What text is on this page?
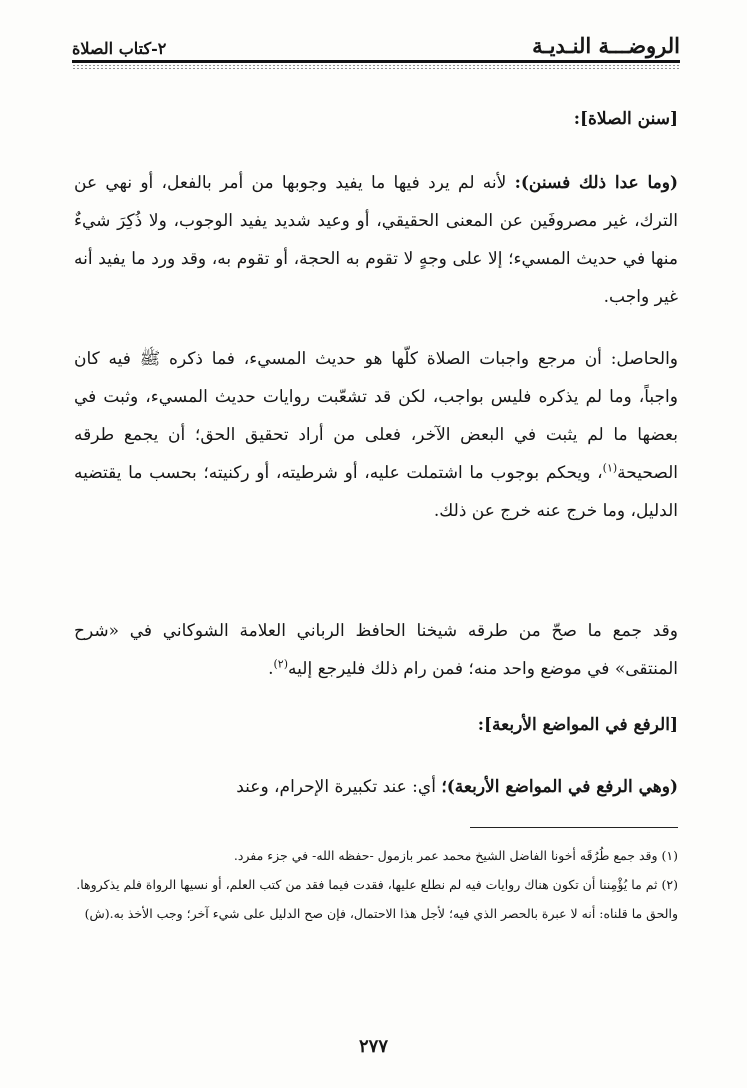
الروضـــة النـديـة
٢-كتاب الصلاة
[سنن الصلاة]:
(وما عدا ذلك فسنن): لأنه لم يرد فيها ما يفيد وجوبها من أمر بالفعل، أو نهي عن الترك، غير مصروفَين عن المعنى الحقيقي، أو وعيد شديد يفيد الوجوب، ولا ذُكِرَ شيءٌ منها في حديث المسيء؛ إلا على وجهٍ لا تقوم به الحجة، أو تقوم به، وقد ورد ما يفيد أنه غير واجب.
والحاصل: أن مرجع واجبات الصلاة كلّها هو حديث المسيء، فما ذكره ﷺ فيه كان واجباً، وما لم يذكره فليس بواجب، لكن قد تشعّبت روايات حديث المسيء، وثبت في بعضها ما لم يثبت في البعض الآخر، فعلى من أراد تحقيق الحق؛ أن يجمع طرقه الصحيحة$^{(١)}$، ويحكم بوجوب ما اشتملت عليه، أو شرطيته، أو ركنيته؛ بحسب ما يقتضيه الدليل، وما خرج عنه خرج عن ذلك.
وقد جمع ما صحّ من طرقه شيخنا الحافظ الرباني العلامة الشوكاني في «شرح المنتقى» في موضع واحد منه؛ فمن رام ذلك فليرجع إليه$^{(٢)}$.
[الرفع في المواضع الأربعة]:
(وهي الرفع في المواضع الأربعة)؛ أي: عند تكبيرة الإحرام، وعند

(١) وقد جمع طُرُقَه أخونا الفاضل الشيخ محمد عمر بازمول -حفظه الله- في جزء مفرد.

(٢) ثم ما يُؤْمِننا أن تكون هناك روايات فيه لم نطلع عليها، فقدت فيما فقد من كتب العلم، أو نسيها الرواة فلم يذكروها.

والحق ما قلناه: أنه لا عبرة بالحصر الذي فيه؛ لأجل هذا الاحتمال، فإن صح الدليل على شيء آخر؛ وجب الأخذ به.(ش)

٢٧٧
